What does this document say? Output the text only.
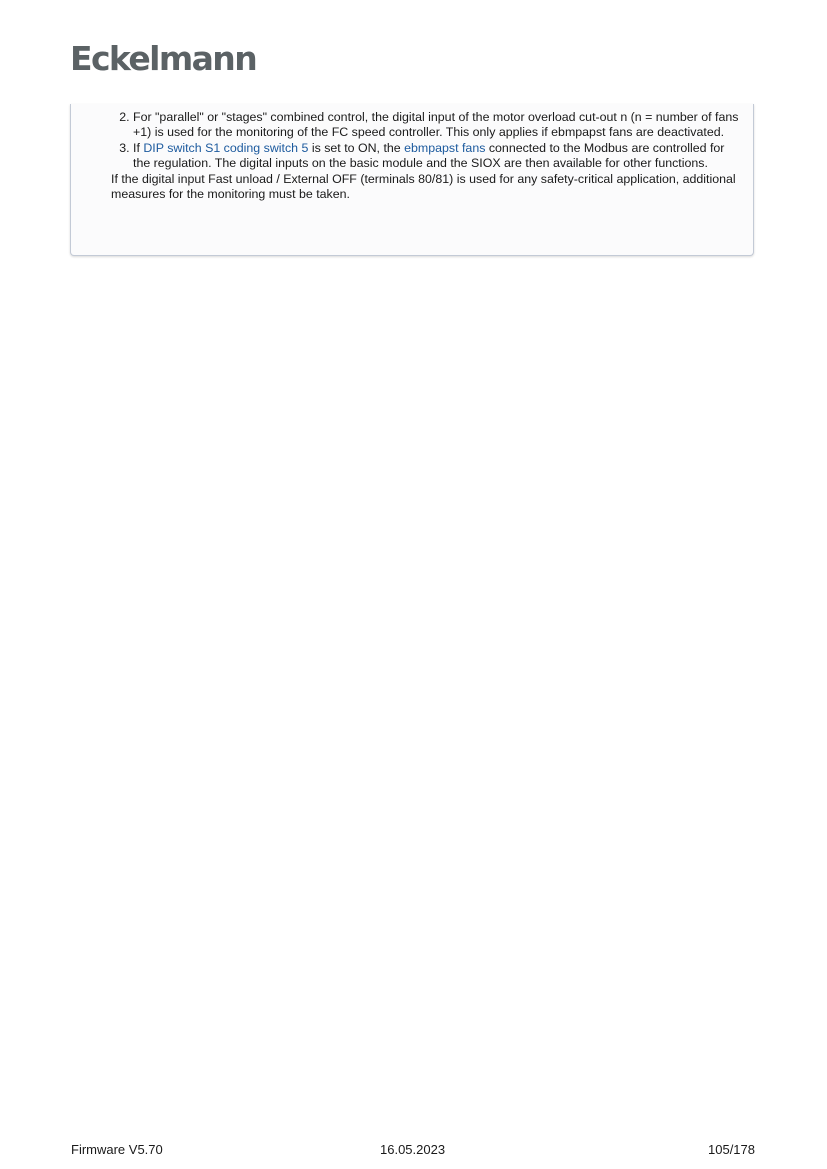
Eckelmann
2. For "parallel" or "stages" combined control, the digital input of the motor overload cut-out n (n = number of fans +1) is used for the monitoring of the FC speed controller. This only applies if ebmpapst fans are deactivated.
3. If DIP switch S1 coding switch 5 is set to ON, the ebmpapst fans connected to the Modbus are controlled for the regulation. The digital inputs on the basic module and the SIOX are then available for other functions.

If the digital input Fast unload / External OFF (terminals 80/81) is used for any safety-critical application, additional measures for the monitoring must be taken.

Firmware V5.70	16.05.2023	105/178
